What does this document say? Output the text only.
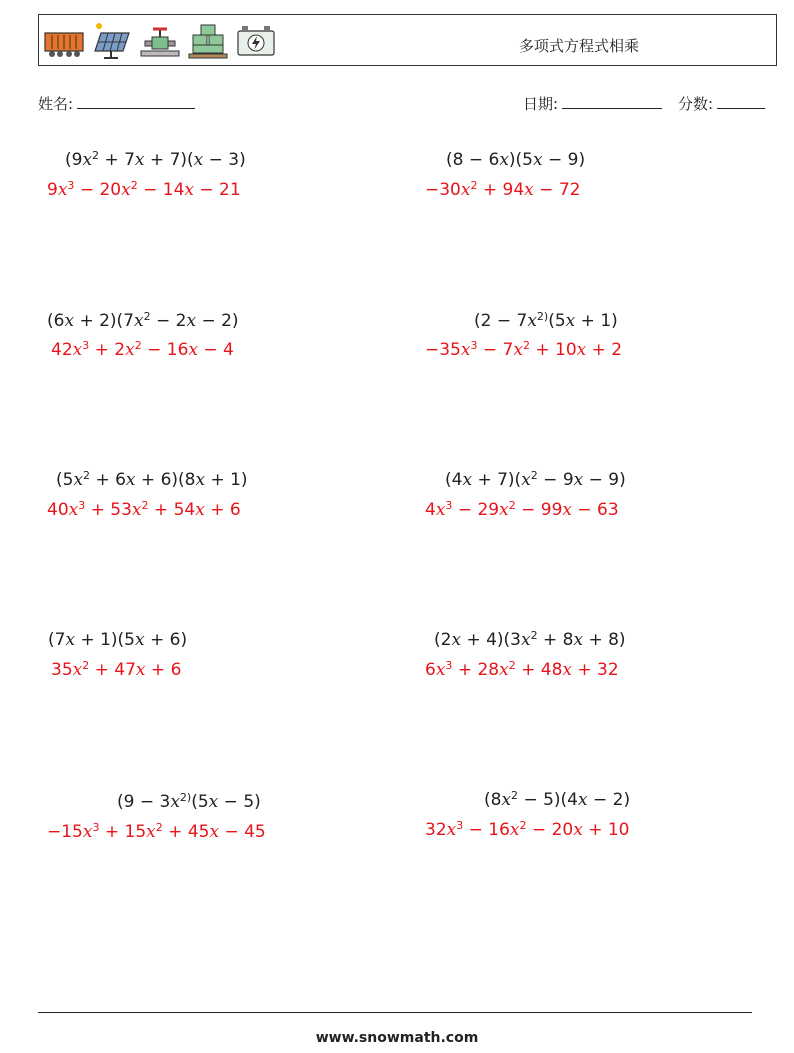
多项式方程式相乘
姓名:	日期:	分数:
$(9x^2 + 7x + 7)(x - 3)$
$9x^3 - 20x^2 - 14x - 21$
(8 − 6x)(5x − 9)
$-30x^2 + 94x - 72$
$(6x + 2)(7x^2 - 2x - 2)$
$42x^3 + 2x^2 - 16x - 4$
($2 - 7x^{2)}(5x + 1)$
$-35x^3 - 7x^2 + 10x + 2$
$(5x^2 + 6x + 6)(8x + 1)$
$40x^3 + 53x^2 + 54x + 6$
$(4x + 7)(x^2 - 9x - 9)$
$4x^3 - 29x^2 - 99x - 63$
(7x + 1)(5x + 6)
$35x^2 + 47x + 6$
$(2x + 4)(3x^2 + 8x + 8)$
$6x^3 + 28x^2 + 48x + 32$
($9 - 3x^{2)}(5x - 5)$
$-15x^3 + 15x^2 + 45x - 45$
$(8x^2 - 5)(4x - 2)$
$32x^3 - 16x^2 - 20x + 10$
www.snowmath.com
